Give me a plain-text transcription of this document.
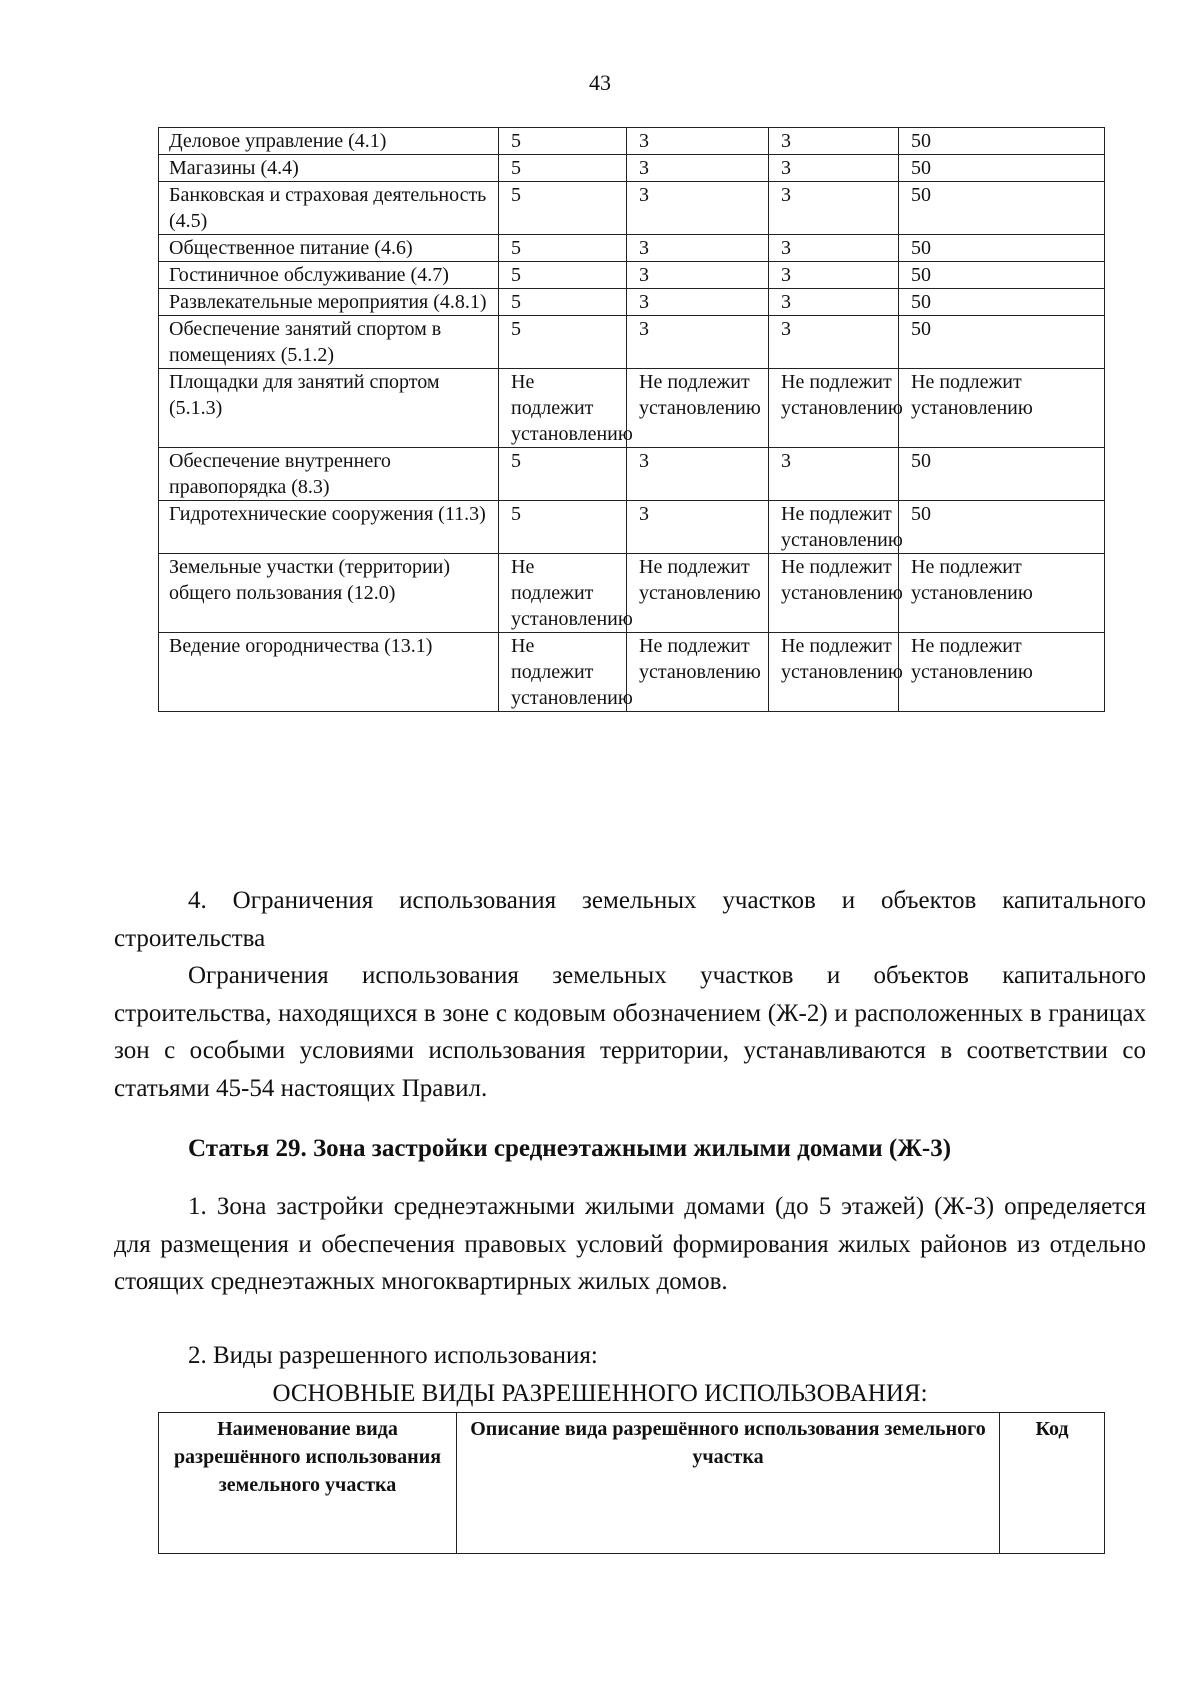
43
Деловое управление (4.1)	5	3	3	50
Магазины (4.4)	5	3	3	50
Банковская и страховая деятельность (4.5)	5	3	3	50
Общественное питание (4.6)	5	3	3	50
Гостиничное обслуживание (4.7)	5	3	3	50
Развлекательные мероприятия (4.8.1)	5	3	3	50
Обеспечение занятий спортом в помещениях (5.1.2)	5	3	3	50
Площадки для занятий спортом (5.1.3)	Не подлежит установлению	Не подлежит установлению	Не подлежит установлению	Не подлежит установлению
Обеспечение внутреннего правопорядка (8.3)	5	3	3	50
Гидротехнические сооружения (11.3)	5	3	Не подлежит установлению	50
Земельные участки (территории) общего пользования (12.0)	Не подлежит установлению	Не подлежит установлению	Не подлежит установлению	Не подлежит установлению
Ведение огородничества (13.1)	Не подлежит установлению	Не подлежит установлению	Не подлежит установлению	Не подлежит установлению
4. Ограничения использования земельных участков и объектов капитального строительства
Ограничения использования земельных участков и объектов капитального строительства, находящихся в зоне с кодовым обозначением (Ж-2) и расположенных в границах зон с особыми условиями использования территории, устанавливаются в соответствии со статьями 45-54 настоящих Правил.
Статья 29. Зона застройки среднеэтажными жилыми домами (Ж-3)
1. Зона застройки среднеэтажными жилыми домами (до 5 этажей) (Ж-3) определяется для размещения и обеспечения правовых условий формирования жилых районов из отдельно стоящих среднеэтажных многоквартирных жилых домов.
2. Виды разрешенного использования:
ОСНОВНЫЕ ВИДЫ РАЗРЕШЕННОГО ИСПОЛЬЗОВАНИЯ:
Наименование вида разрешённого использования земельного участка	Описание вида разрешённого использования земельного участка	Код
